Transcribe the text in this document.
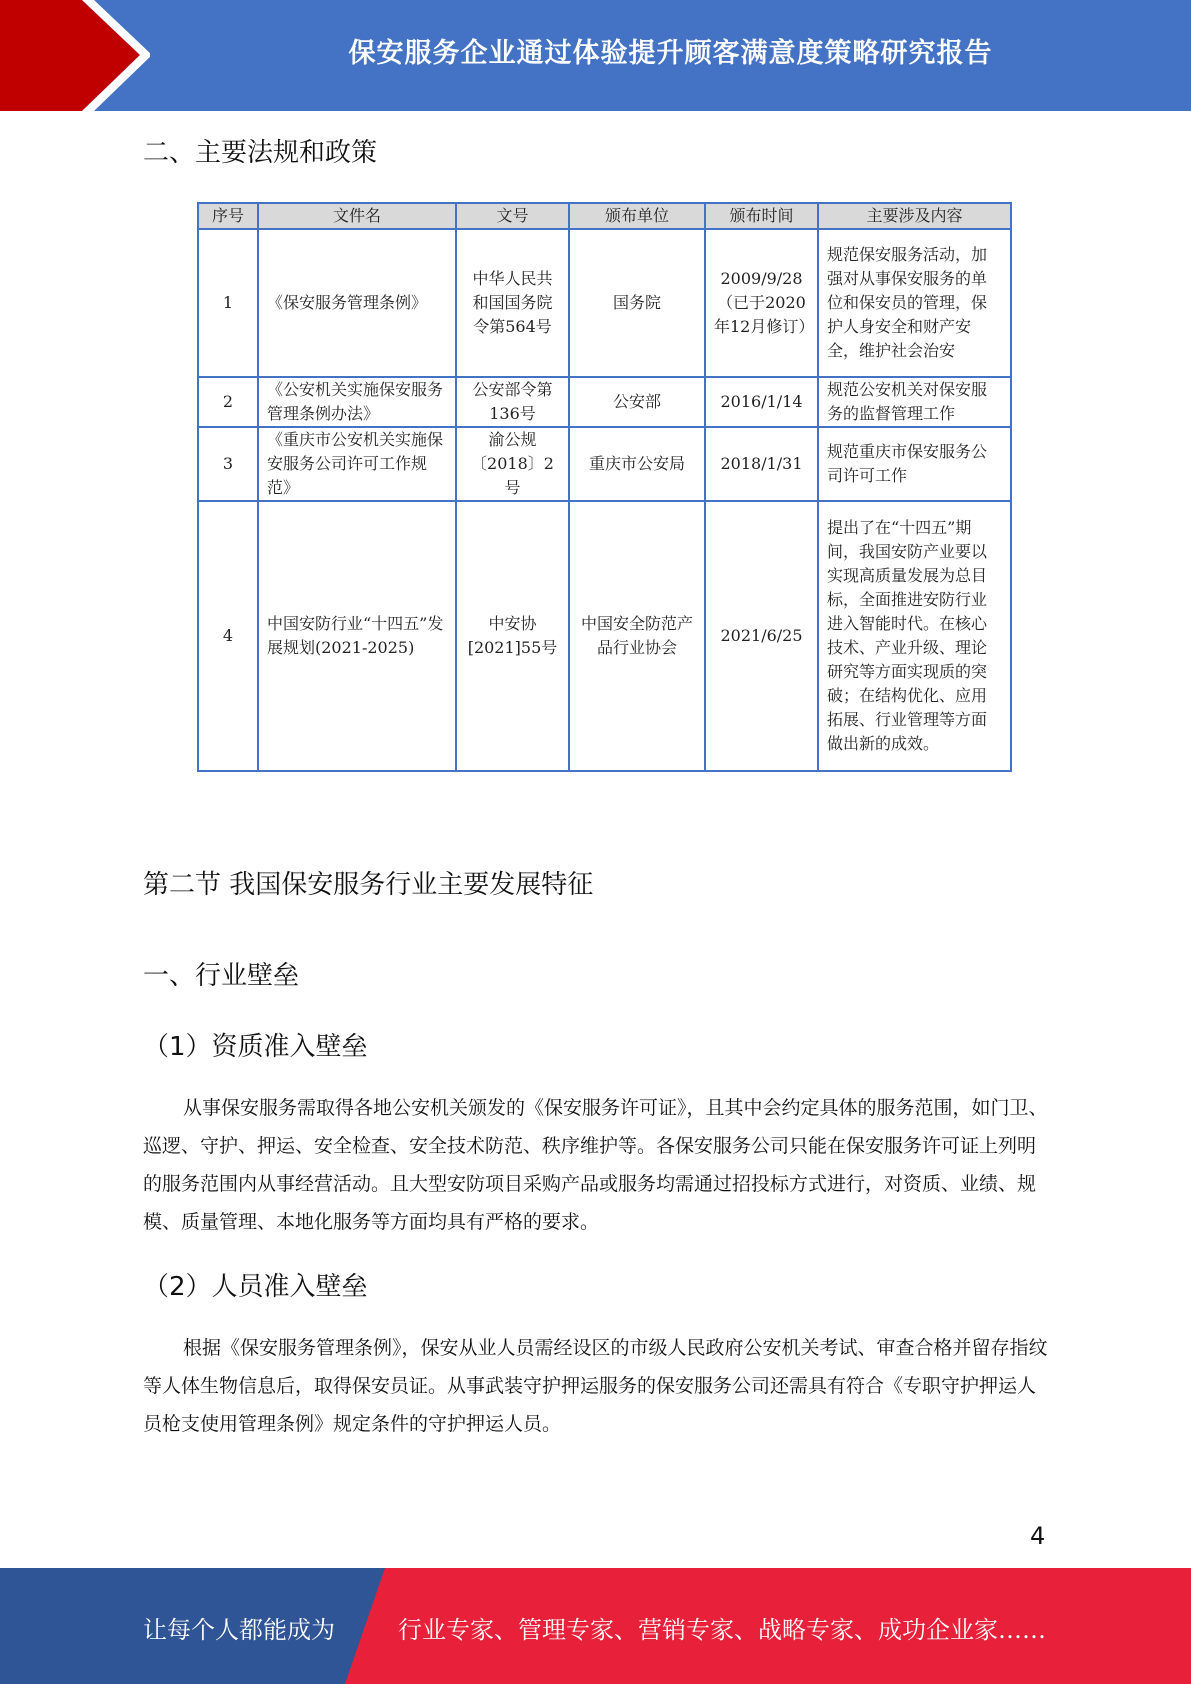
保安服务企业通过体验提升顾客满意度策略研究报告
二、主要法规和政策
序号	文件名	文号	颁布单位	颁布时间	主要涉及内容
1	《保安服务管理条例》	中华人民共和国国务院令第564号	国务院	2009/9/28（已于2020年12月修订）	规范保安服务活动，加强对从事保安服务的单位和保安员的管理，保护人身安全和财产安全，维护社会治安
2	《公安机关实施保安服务管理条例办法》	公安部令第136号	公安部	2016/1/14	规范公安机关对保安服务的监督管理工作
3	《重庆市公安机关实施保安服务公司许可工作规范》	渝公规〔2018〕2号	重庆市公安局	2018/1/31	规范重庆市保安服务公司许可工作
4	中国安防行业“十四五”发展规划(2021-2025)	中安协[2021]55号	中国安全防范产品行业协会	2021/6/25	提出了在“十四五”期间，我国安防产业要以实现高质量发展为总目标，全面推进安防行业进入智能时代。在核心技术、产业升级、理论研究等方面实现质的突破；在结构优化、应用拓展、行业管理等方面做出新的成效。
第二节 我国保安服务行业主要发展特征
一、行业壁垒
（1）资质准入壁垒

从事保安服务需取得各地公安机关颁发的《保安服务许可证》，且其中会约定具体的服务范围，如门卫、巡逻、守护、押运、安全检查、安全技术防范、秩序维护等。各保安服务公司只能在保安服务许可证上列明的服务范围内从事经营活动。且大型安防项目采购产品或服务均需通过招投标方式进行，对资质、业绩、规模、质量管理、本地化服务等方面均具有严格的要求。

（2）人员准入壁垒

根据《保安服务管理条例》，保安从业人员需经设区的市级人民政府公安机关考试、审查合格并留存指纹等人体生物信息后，取得保安员证。从事武装守护押运服务的保安服务公司还需具有符合《专职守护押运人员枪支使用管理条例》规定条件的守护押运人员。

4
让每个人都能成为	行业专家、管理专家、营销专家、战略专家、成功企业家……
